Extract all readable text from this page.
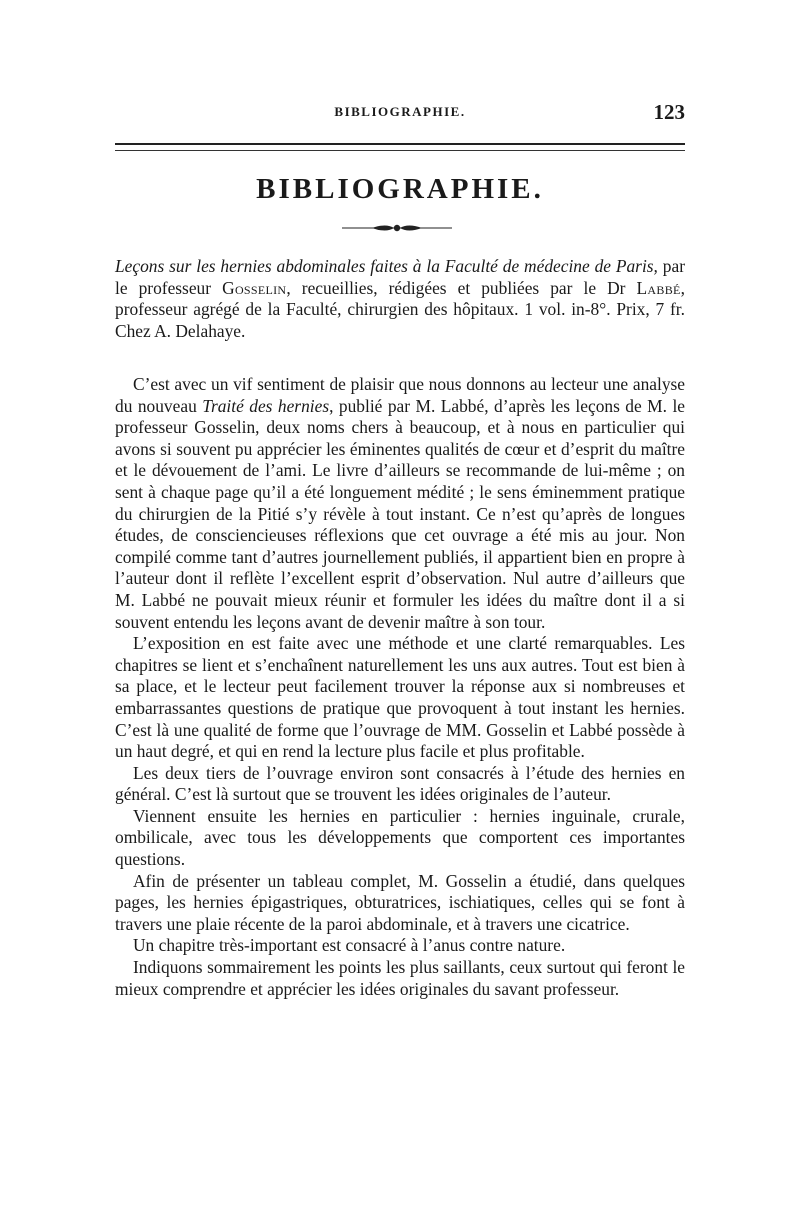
BIBLIOGRAPHIE.	123
BIBLIOGRAPHIE.

Leçons sur les hernies abdominales faites à la Faculté de médecine de Paris, par le professeur Gosselin, recueillies, rédigées et publiées par le Dr Labbé, professeur agrégé de la Faculté, chirurgien des hôpitaux. 1 vol. in-8°. Prix, 7 fr. Chez A. Delahaye.

C’est avec un vif sentiment de plaisir que nous donnons au lecteur une analyse du nouveau Traité des hernies, publié par M. Labbé, d’après les leçons de M. le professeur Gosselin, deux noms chers à beaucoup, et à nous en particulier qui avons si souvent pu apprécier les éminentes qualités de cœur et d’esprit du maître et le dévouement de l’ami. Le livre d’ailleurs se recommande de lui-même ; on sent à chaque page qu’il a été longuement médité ; le sens éminemment pratique du chirurgien de la Pitié s’y révèle à tout instant. Ce n’est qu’après de longues études, de consciencieuses réflexions que cet ouvrage a été mis au jour. Non compilé comme tant d’autres journellement publiés, il appartient bien en propre à l’auteur dont il reflète l’excellent esprit d’observation. Nul autre d’ailleurs que M. Labbé ne pouvait mieux réunir et formuler les idées du maître dont il a si souvent entendu les leçons avant de devenir maître à son tour.

L’exposition en est faite avec une méthode et une clarté remarquables. Les chapitres se lient et s’enchaînent naturellement les uns aux autres. Tout est bien à sa place, et le lecteur peut facilement trouver la réponse aux si nombreuses et embarrassantes questions de pratique que provoquent à tout instant les hernies. C’est là une qualité de forme que l’ouvrage de MM. Gosselin et Labbé possède à un haut degré, et qui en rend la lecture plus facile et plus profitable.

Les deux tiers de l’ouvrage environ sont consacrés à l’étude des hernies en général. C’est là surtout que se trouvent les idées originales de l’auteur.

Viennent ensuite les hernies en particulier : hernies inguinale, crurale, ombilicale, avec tous les développements que comportent ces importantes questions.

Afin de présenter un tableau complet, M. Gosselin a étudié, dans quelques pages, les hernies épigastriques, obturatrices, ischiatiques, celles qui se font à travers une plaie récente de la paroi abdominale, et à travers une cicatrice.

Un chapitre très-important est consacré à l’anus contre nature.

Indiquons sommairement les points les plus saillants, ceux surtout qui feront le mieux comprendre et apprécier les idées originales du savant professeur.
